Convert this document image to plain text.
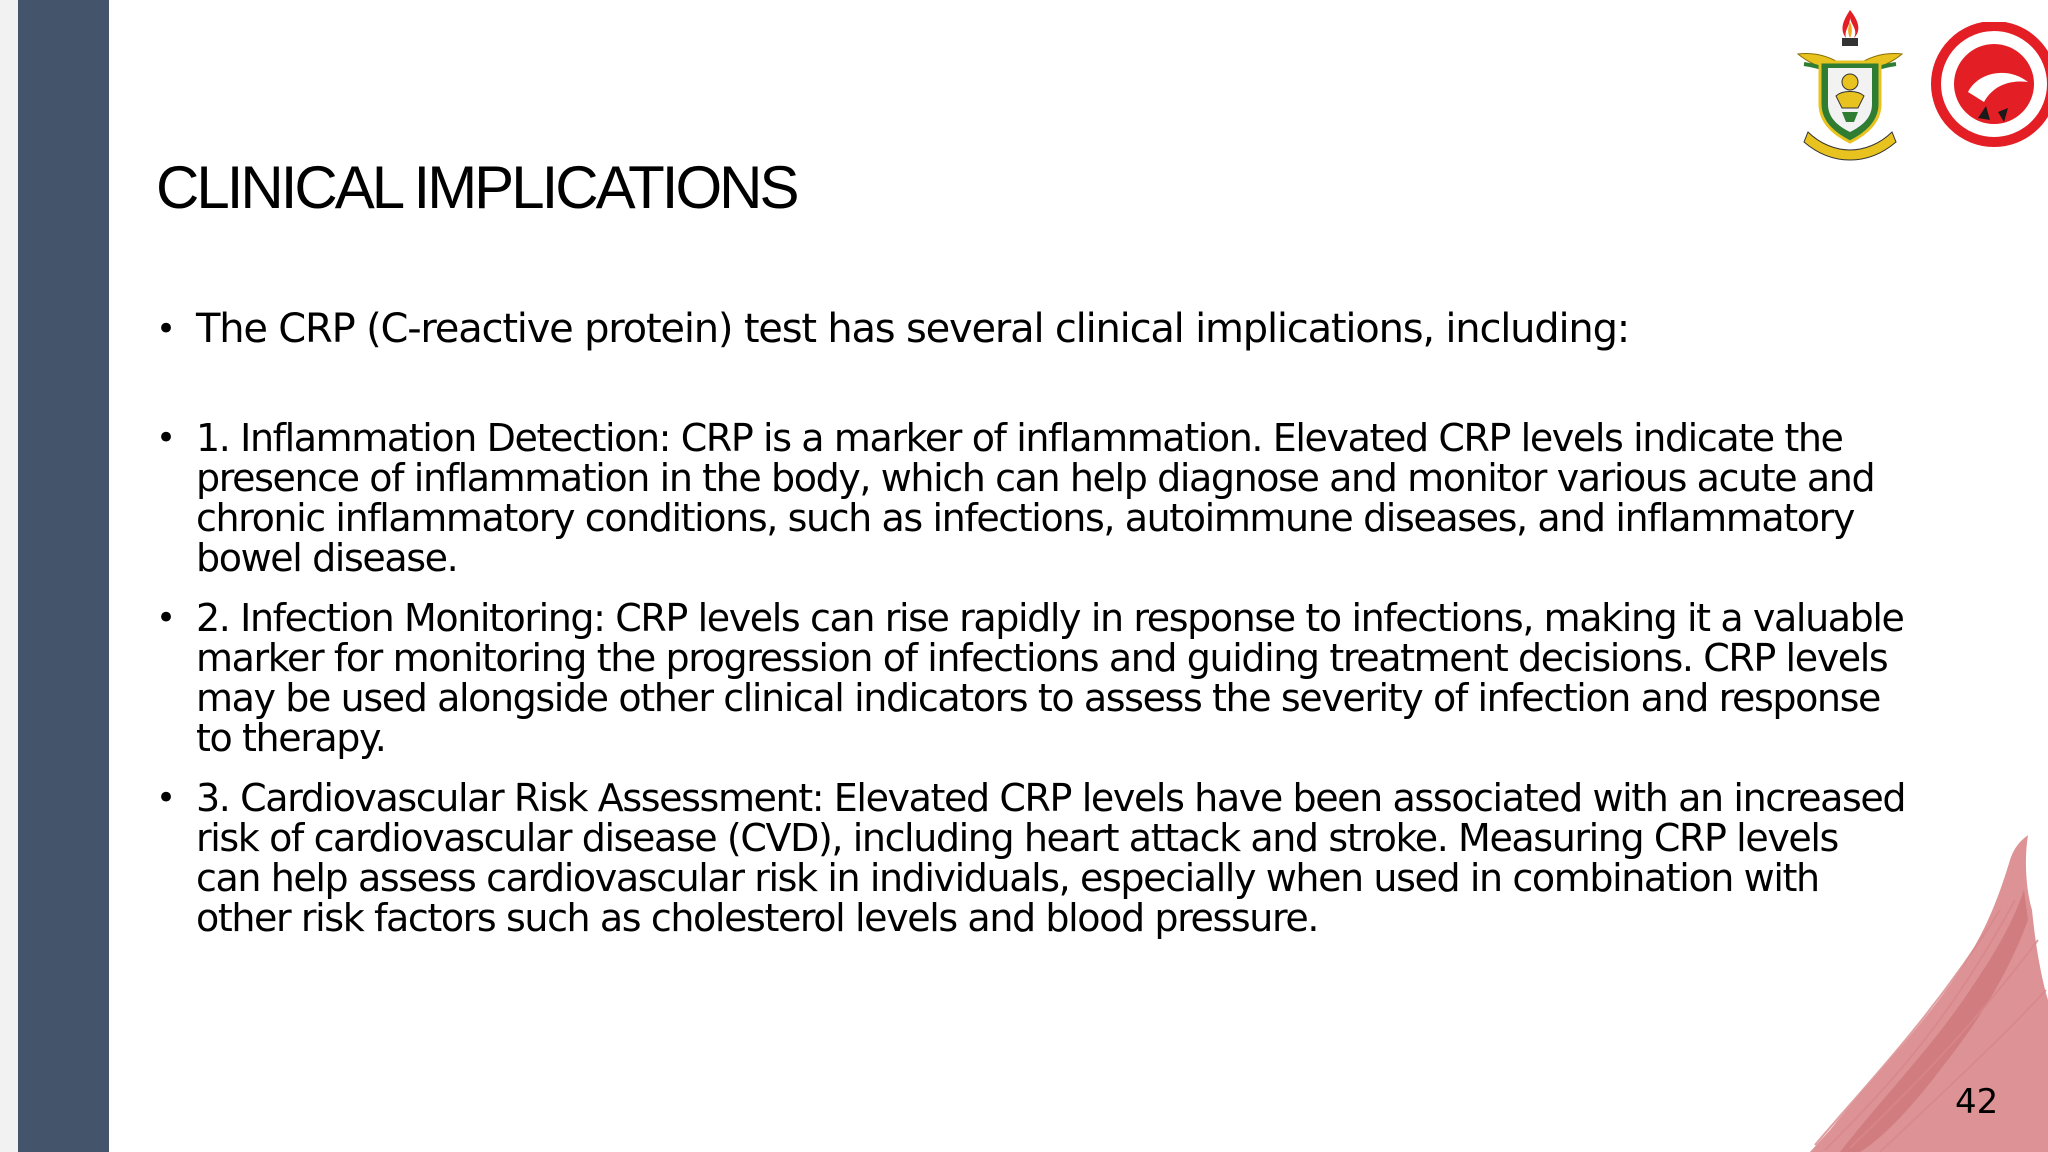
CLINICAL IMPLICATIONS
• The CRP (C-reactive protein) test has several clinical implications, including:
• 1. Inflammation Detection: CRP is a marker of inflammation. Elevated CRP levels indicate the presence of inflammation in the body, which can help diagnose and monitor various acute and chronic inflammatory conditions, such as infections, autoimmune diseases, and inflammatory bowel disease.
• 2. Infection Monitoring: CRP levels can rise rapidly in response to infections, making it a valuable marker for monitoring the progression of infections and guiding treatment decisions. CRP levels may be used alongside other clinical indicators to assess the severity of infection and response to therapy.
• 3. Cardiovascular Risk Assessment: Elevated CRP levels have been associated with an increased risk of cardiovascular disease (CVD), including heart attack and stroke. Measuring CRP levels can help assess cardiovascular risk in individuals, especially when used in combination with other risk factors such as cholesterol levels and blood pressure.
42
